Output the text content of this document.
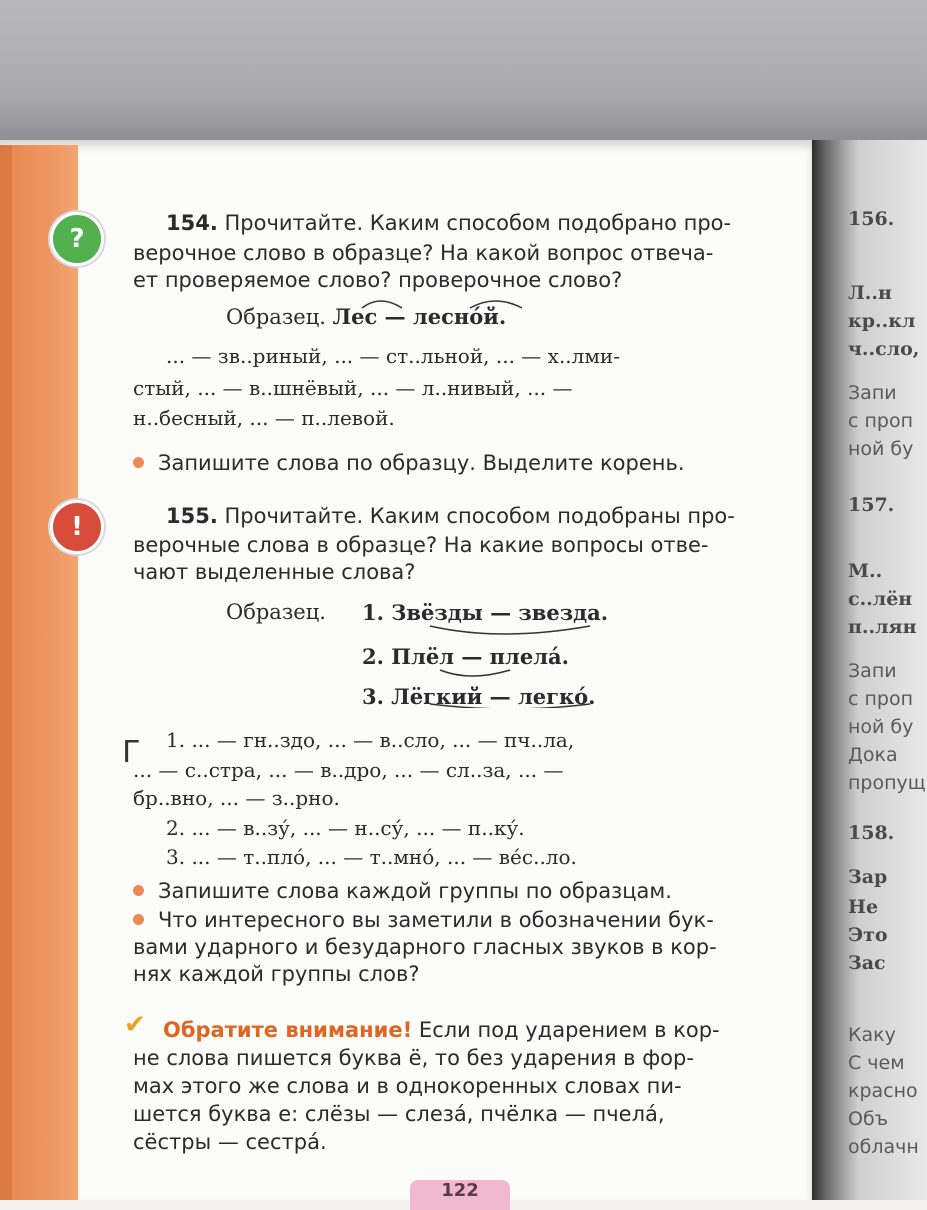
156.
Л..н
кр..кл
ч..сло,
Запи
с проп
ной бу
157.
М..
с..лён
п..лян
Запи
с проп
ной бу
Дока
пропущ
158.
Зар
Не
Это
Зас
Каку
С чем
красно
Объ
облачн
?
!
154. Прочитайте. Каким способом подобрано про-
верочное слово в образце? На какой вопрос отвеча-
ет проверяемое слово? проверочное слово?
Образец. Лес — лесно́й.
... — зв..риный, ... — ст..льной, ... — х..лми-
стый, ... — в..шнёвый, ... — л..нивый, ... —
н..бесный, ... — п..левой.
Запишите слова по образцу. Выделите корень.
155. Прочитайте. Каким способом подобраны про-
верочные слова в образце? На какие вопросы отве-
чают выделенные слова?
Образец. 1. Звёзды — звезда.
2. Плёл — плела́.
3. Лёгкий — легко́.
Г 1. ... — гн..здо, ... — в..сло, ... — пч..ла,
... — с..стра, ... — в..дро, ... — сл..за, ... —
бр..вно, ... — з..рно.
2. ... — в..зу́, ... — н..су́, ... — п..ку́.
3. ... — т..пло́, ... — т..мно́, ... — ве́с..ло.
Запишите слова каждой группы по образцам.
Что интересного вы заметили в обозначении бук-
вами ударного и безударного гласных звуков в кор-
нях каждой группы слов?
✔ Обратите внимание! Если под ударением в кор-
не слова пишется буква ё, то без ударения в фор-
мах этого же слова и в однокоренных словах пи-
шется буква е: слёзы — слеза́, пчёлка — пчела́,
сёстры — сестра́.
122
